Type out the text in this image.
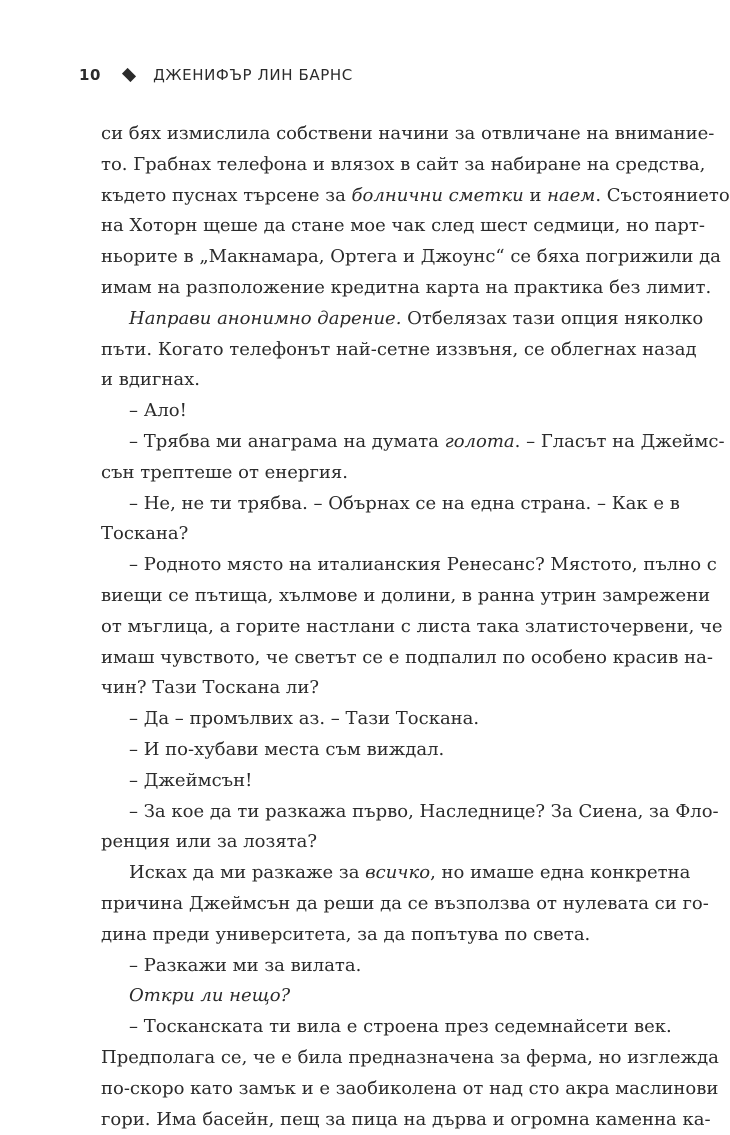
10	ДЖЕНИФЪР ЛИН БАРНС
си бях измислила собствени начини за отвличане на внимание-
то. Грабнах телефона и влязох в сайт за набиране на средства,
където пуснах търсене за болнични сметки и наем. Състоянието
на Хоторн щеше да стане мое чак след шест седмици, но парт-
ньорите в „Макнамара, Ортега и Джоунс“ се бяха погрижили да
имам на разположение кредитна карта на практика без лимит.
Направи анонимно дарение. Отбелязах тази опция няколко
пъти. Когато телефонът най-сетне иззвъня, се облегнах назад
и вдигнах.
– Ало!
– Трябва ми анаграма на думата голота. – Гласът на Джеймс-
сън трептеше от енергия.
– Не, не ти трябва. – Обърнах се на една страна. – Как е в
Тоскана?
– Родното място на италианския Ренесанс? Мястото, пълно с
виещи се пътища, хълмове и долини, в ранна утрин замрежени
от мъглица, а горите настлани с листа така златисточервени, че
имаш чувството, че светът се е подпалил по особено красив на-
чин? Тази Тоскана ли?
– Да – промълвих аз. – Тази Тоскана.
– И по-хубави места съм виждал.
– Джеймсън!
– За кое да ти разкажа първо, Наследнице? За Сиена, за Фло-
ренция или за лозята?
Исках да ми разкаже за всичко, но имаше една конкретна
причина Джеймсън да реши да се възползва от нулевата си го-
дина преди университета, за да попътува по света.
– Разкажи ми за вилата.
Откри ли нещо?
– Тосканската ти вила е строена през седемнайсети век.
Предполага се, че е била предназначена за ферма, но изглежда
по-скоро като замък и е заобиколена от над сто акра маслинови
гори. Има басейн, пещ за пица на дърва и огромна каменна ка-
